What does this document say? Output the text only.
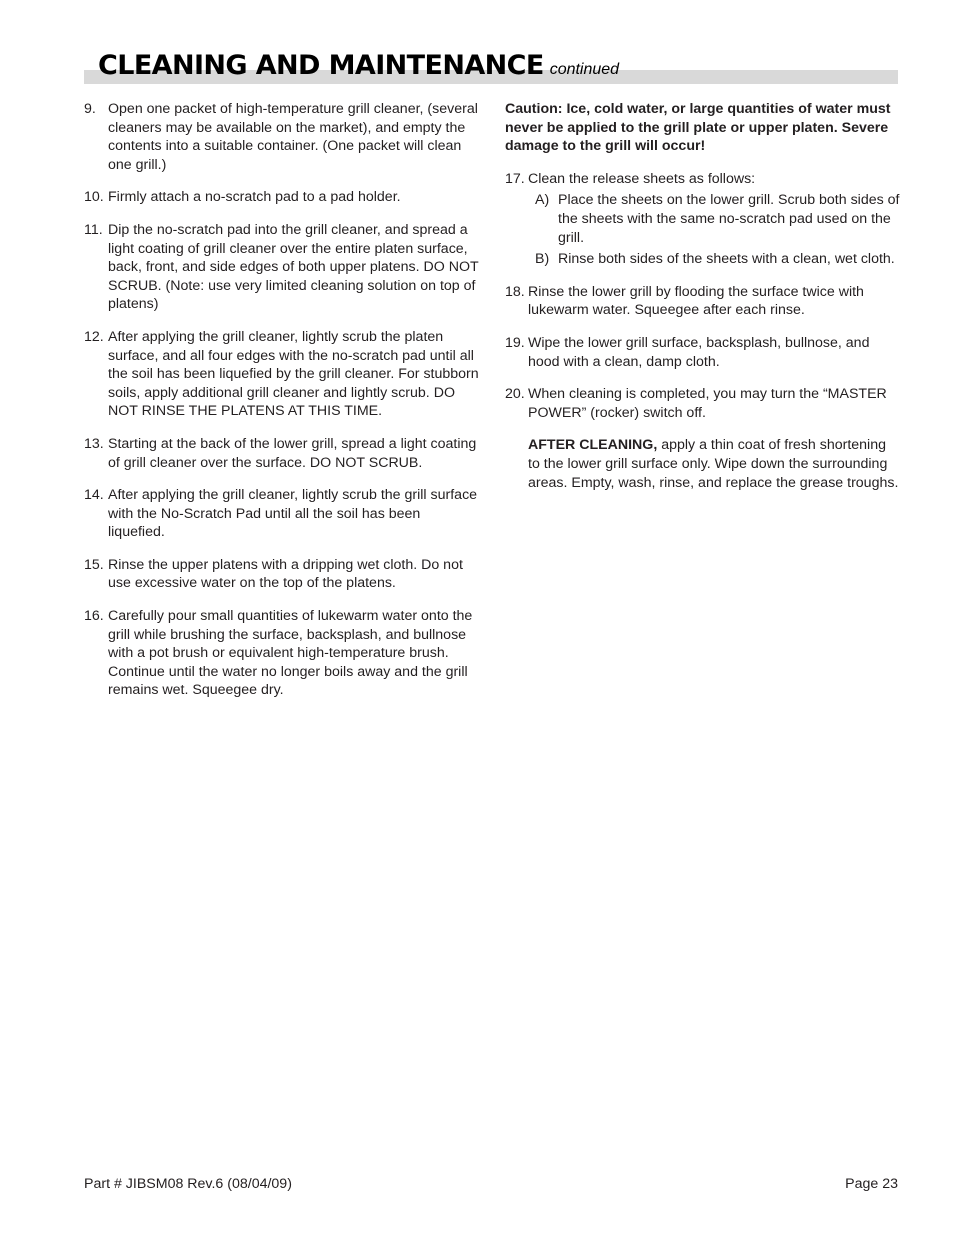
CLEANING AND MAINTENANCE continued
9. Open one packet of high-temperature grill cleaner, (several cleaners may be available on the market), and empty the contents into a suitable container. (One packet will clean one grill.)
10. Firmly attach a no-scratch pad to a pad holder.
11. Dip the no-scratch pad into the grill cleaner, and spread a light coating of grill cleaner over the entire platen surface, back, front, and side edges of both upper platens. DO NOT SCRUB. (Note: use very limited cleaning solution on top of platens)
12. After applying the grill cleaner, lightly scrub the platen surface, and all four edges with the no-scratch pad until all the soil has been liquefied by the grill cleaner. For stubborn soils, apply additional grill cleaner and lightly scrub. DO NOT RINSE THE PLATENS AT THIS TIME.
13. Starting at the back of the lower grill, spread a light coating of grill cleaner over the surface. DO NOT SCRUB.
14. After applying the grill cleaner, lightly scrub the grill surface with the No-Scratch Pad until all the soil has been liquefied.
15. Rinse the upper platens with a dripping wet cloth. Do not use excessive water on the top of the platens.
16. Carefully pour small quantities of lukewarm water onto the grill while brushing the surface, backsplash, and bullnose with a pot brush or equivalent high-temperature brush. Continue until the water no longer boils away and the grill remains wet. Squeegee dry.
Caution: Ice, cold water, or large quantities of water must never be applied to the grill plate or upper platen. Severe damage to the grill will occur!
17. Clean the release sheets as follows:
A) Place the sheets on the lower grill. Scrub both sides of the sheets with the same no-scratch pad used on the grill.
B) Rinse both sides of the sheets with a clean, wet cloth.
18. Rinse the lower grill by flooding the surface twice with lukewarm water. Squeegee after each rinse.
19. Wipe the lower grill surface, backsplash, bullnose, and hood with a clean, damp cloth.
20. When cleaning is completed, you may turn the “MASTER POWER” (rocker) switch off.
AFTER CLEANING, apply a thin coat of fresh shortening to the lower grill surface only. Wipe down the surrounding areas. Empty, wash, rinse, and replace the grease troughs.
Part # JIBSM08 Rev.6 (08/04/09)	Page 23
